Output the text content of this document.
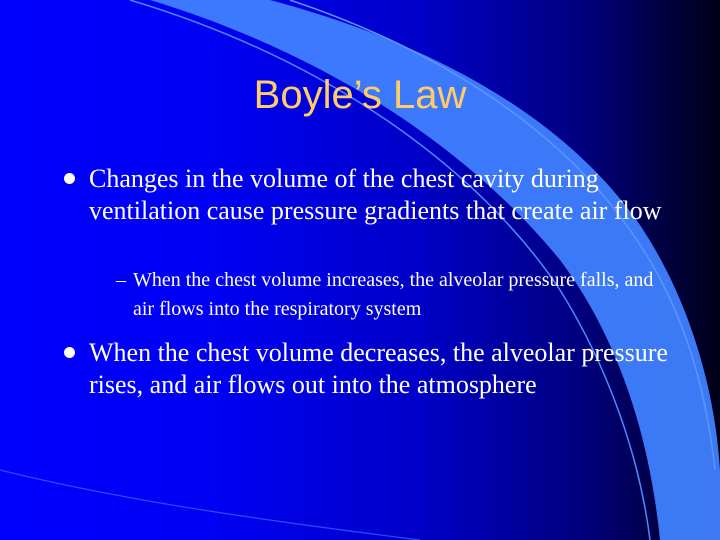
Boyle’s Law

Changes in the volume of the chest cavity during ventilation cause pressure gradients that create air flow

– When the chest volume increases, the alveolar pressure falls, and air flows into the respiratory system

When the chest volume decreases, the alveolar pressure rises, and air flows out into the atmosphere
